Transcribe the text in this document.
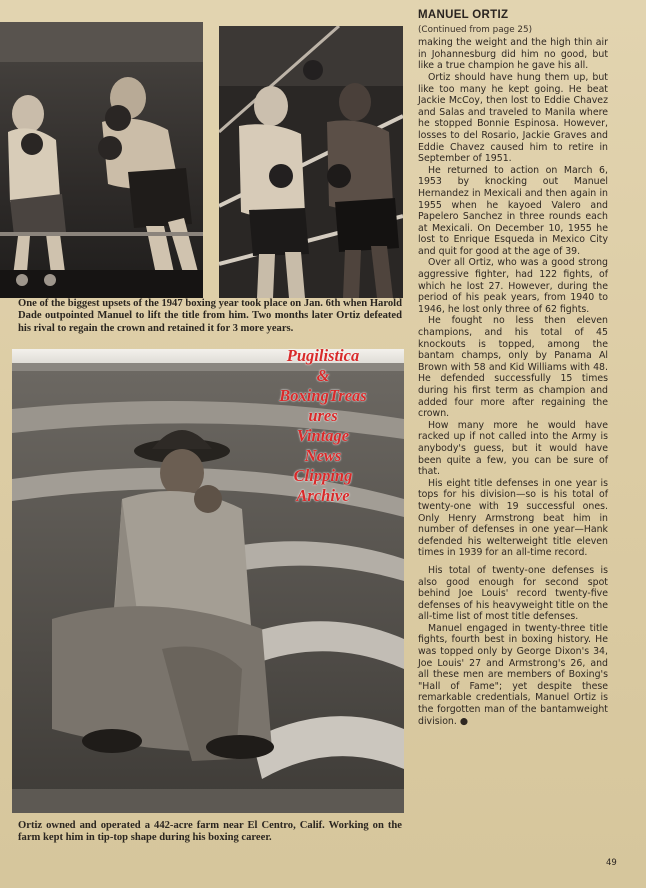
One of the biggest upsets of the 1947 boxing year took place on Jan. 6th when Harold Dade outpointed Manuel to lift the title from him. Two months later Ortiz defeated his rival to regain the crown and retained it for 3 more years.
Pugilistica
&
BoxingTreas
ures
Vintage
News
Clipping
Archive
Ortiz owned and operated a 442-acre farm near El Centro, Calif. Working on the farm kept him in tip-top shape during his boxing career.
MANUEL ORTIZ
(Continued from page 25)

making the weight and the high thin air in Johannesburg did him no good, but like a true champion he gave his all.

Ortiz should have hung them up, but like too many he kept going. He beat Jackie McCoy, then lost to Eddie Chavez and Salas and traveled to Manila where he stopped Bonnie Espinosa. However, losses to del Rosario, Jackie Graves and Eddie Chavez caused him to retire in September of 1951.

He returned to action on March 6, 1953 by knocking out Manuel Hernandez in Mexicali and then again in 1955 when he kayoed Valero and Papelero Sanchez in three rounds each at Mexicali. On December 10, 1955 he lost to Enrique Esqueda in Mexico City and quit for good at the age of 39.

Over all Ortiz, who was a good strong aggressive fighter, had 122 fights, of which he lost 27. However, during the period of his peak years, from 1940 to 1946, he lost only three of 62 fights.

He fought no less then eleven champions, and his total of 45 knockouts is topped, among the bantam champs, only by Panama Al Brown with 58 and Kid Williams with 48. He defended successfully 15 times during his first term as champion and added four more after regaining the crown.

How many more he would have racked up if not called into the Army is anybody's guess, but it would have been quite a few, you can be sure of that.

His eight title defenses in one year is tops for his division—so is his total of twenty-one with 19 successful ones. Only Henry Armstrong beat him in number of defenses in one year—Hank defended his welterweight title eleven times in 1939 for an all-time record.

His total of twenty-one defenses is also good enough for second spot behind Joe Louis' record twenty-five defenses of his heavyweight title on the all-time list of most title defenses.

Manuel engaged in twenty-three title fights, fourth best in boxing history. He was topped only by George Dixon's 34, Joe Louis' 27 and Armstrong's 26, and all these men are members of Boxing's "Hall of Fame"; yet despite these remarkable credentials, Manuel Ortiz is the forgotten man of the bantamweight division. ●

49
